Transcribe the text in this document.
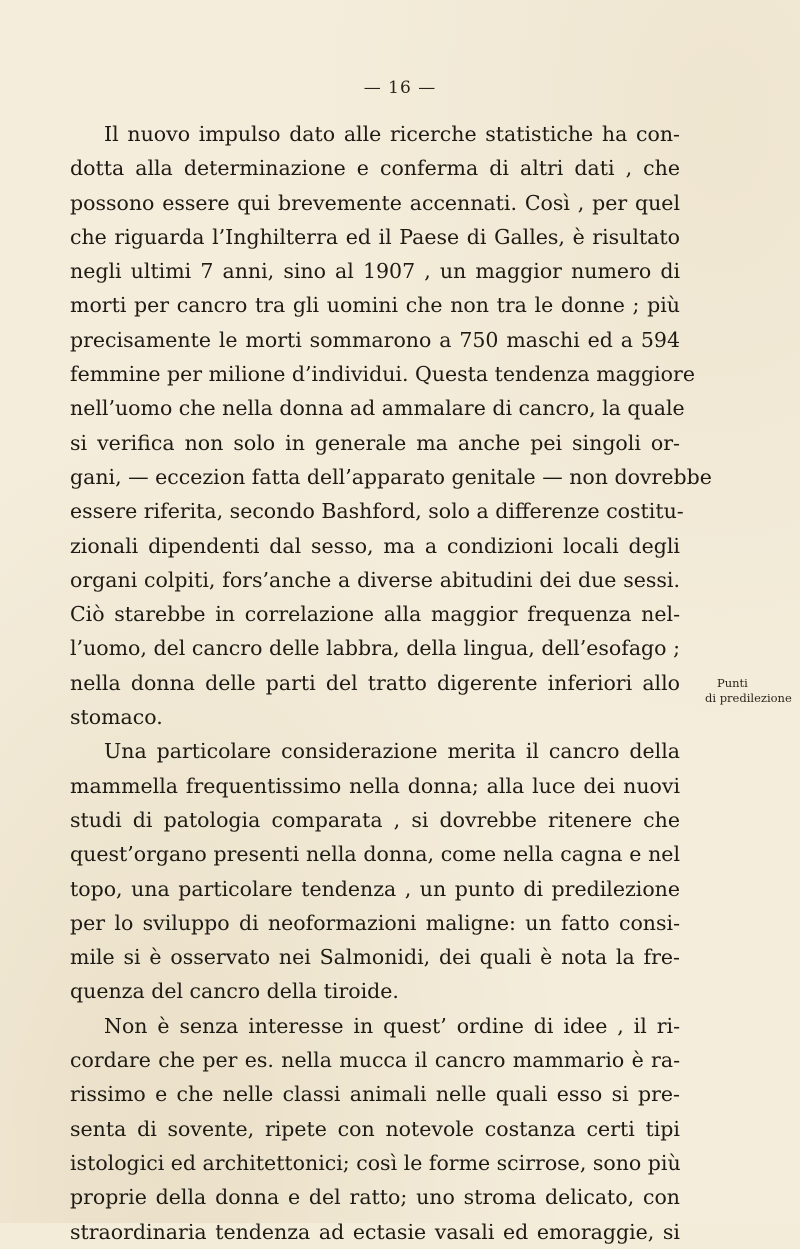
— 16 —
Il nuovo impulso dato alle ricerche statistiche ha con-
dotta alla determinazione e conferma di altri dati , che
possono essere qui brevemente accennati. Così , per quel
che riguarda l’Inghilterra ed il Paese di Galles, è risultato
negli ultimi 7 anni, sino al 1907 , un maggior numero di
morti per cancro tra gli uomini che non tra le donne ; più
precisamente le morti sommarono a 750 maschi ed a 594
femmine per milione d’individui. Questa tendenza maggiore
nell’uomo che nella donna ad ammalare di cancro, la quale
si verifica non solo in generale ma anche pei singoli or-
gani, — eccezion fatta dell’apparato genitale — non dovrebbe
essere riferita, secondo Bashford, solo a differenze costitu-
zionali dipendenti dal sesso, ma a condizioni locali degli
organi colpiti, fors’anche a diverse abitudini dei due sessi.
Ciò starebbe in correlazione alla maggior frequenza nel-
l’uomo, del cancro delle labbra, della lingua, dell’esofago ;
nella donna delle parti del tratto digerente inferiori allo
stomaco.
Una particolare considerazione merita il cancro della
mammella frequentissimo nella donna; alla luce dei nuovi
studi di patologia comparata , si dovrebbe ritenere che
quest’organo presenti nella donna, come nella cagna e nel
topo, una particolare tendenza , un punto di predilezione
per lo sviluppo di neoformazioni maligne: un fatto consi-
mile si è osservato nei Salmonidi, dei quali è nota la fre-
quenza del cancro della tiroide.
Non è senza interesse in quest’ ordine di idee , il ri-
cordare che per es. nella mucca il cancro mammario è ra-
rissimo e che nelle classi animali nelle quali esso si pre-
senta di sovente, ripete con notevole costanza certi tipi
istologici ed architettonici; così le forme scirrose, sono più
proprie della donna e del ratto; uno stroma delicato, con
straordinaria tendenza ad ectasie vasali ed emoraggie, si
Punti
di predilezione
